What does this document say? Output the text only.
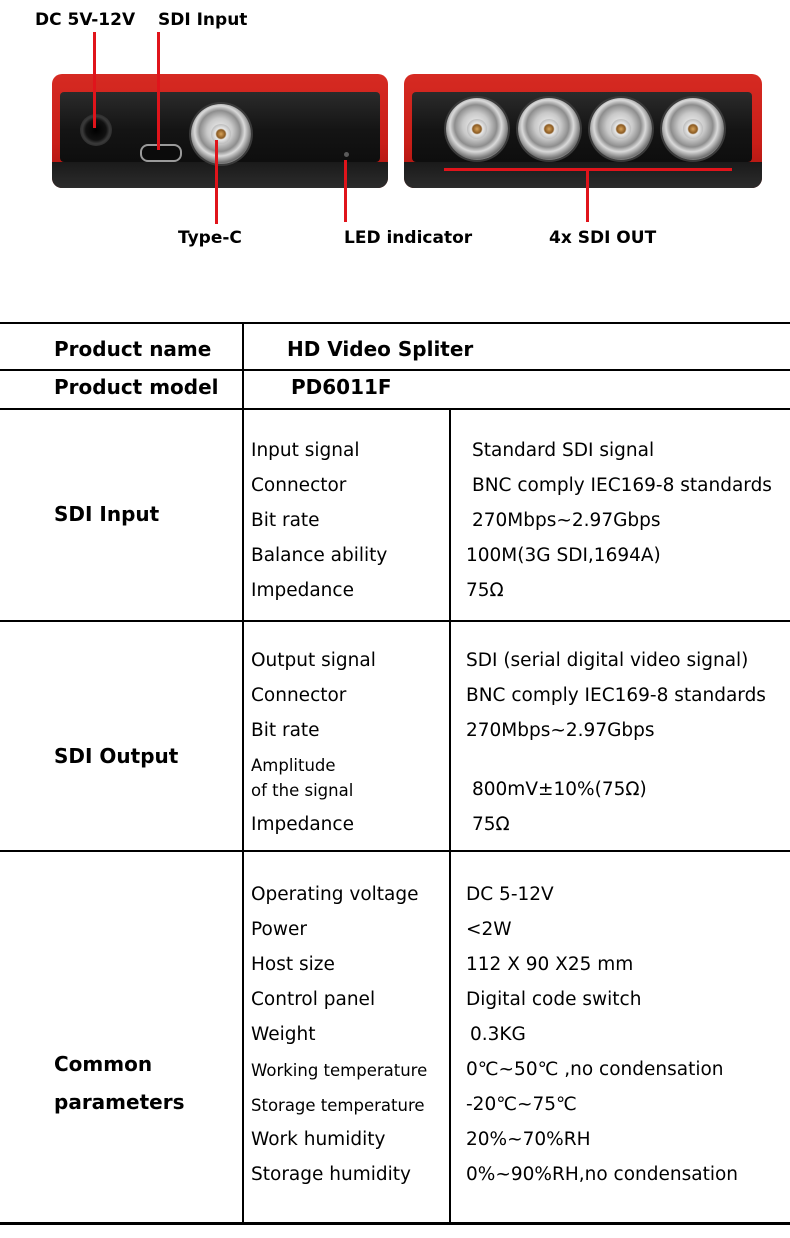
DC 5V-12V SDI Input
Type-C	LED indicator	4x SDI OUT
Product name	HD Video Spliter
Product model	PD6011F
SDI Input
Input signal	Standard SDI signal
Connector	BNC comply IEC169-8 standards
Bit rate	270Mbps~2.97Gbps
Balance ability	100M(3G SDI,1694A)
Impedance	75Ω
SDI Output
Output signal	SDI (serial digital video signal)
Connector	BNC comply IEC169-8 standards
Bit rate	270Mbps~2.97Gbps
Amplitude
of the signal	800mV±10%(75Ω)
Impedance	75Ω
Common
parameters
Operating voltage	DC 5-12V
Power	<2W
Host size	112 X 90 X25 mm
Control panel	Digital code switch
Weight	0.3KG
Working temperature 0℃~50℃ ,no condensation
Storage temperature -20℃~75℃
Work humidity	20%~70%RH
Storage humidity	0%~90%RH,no condensation
